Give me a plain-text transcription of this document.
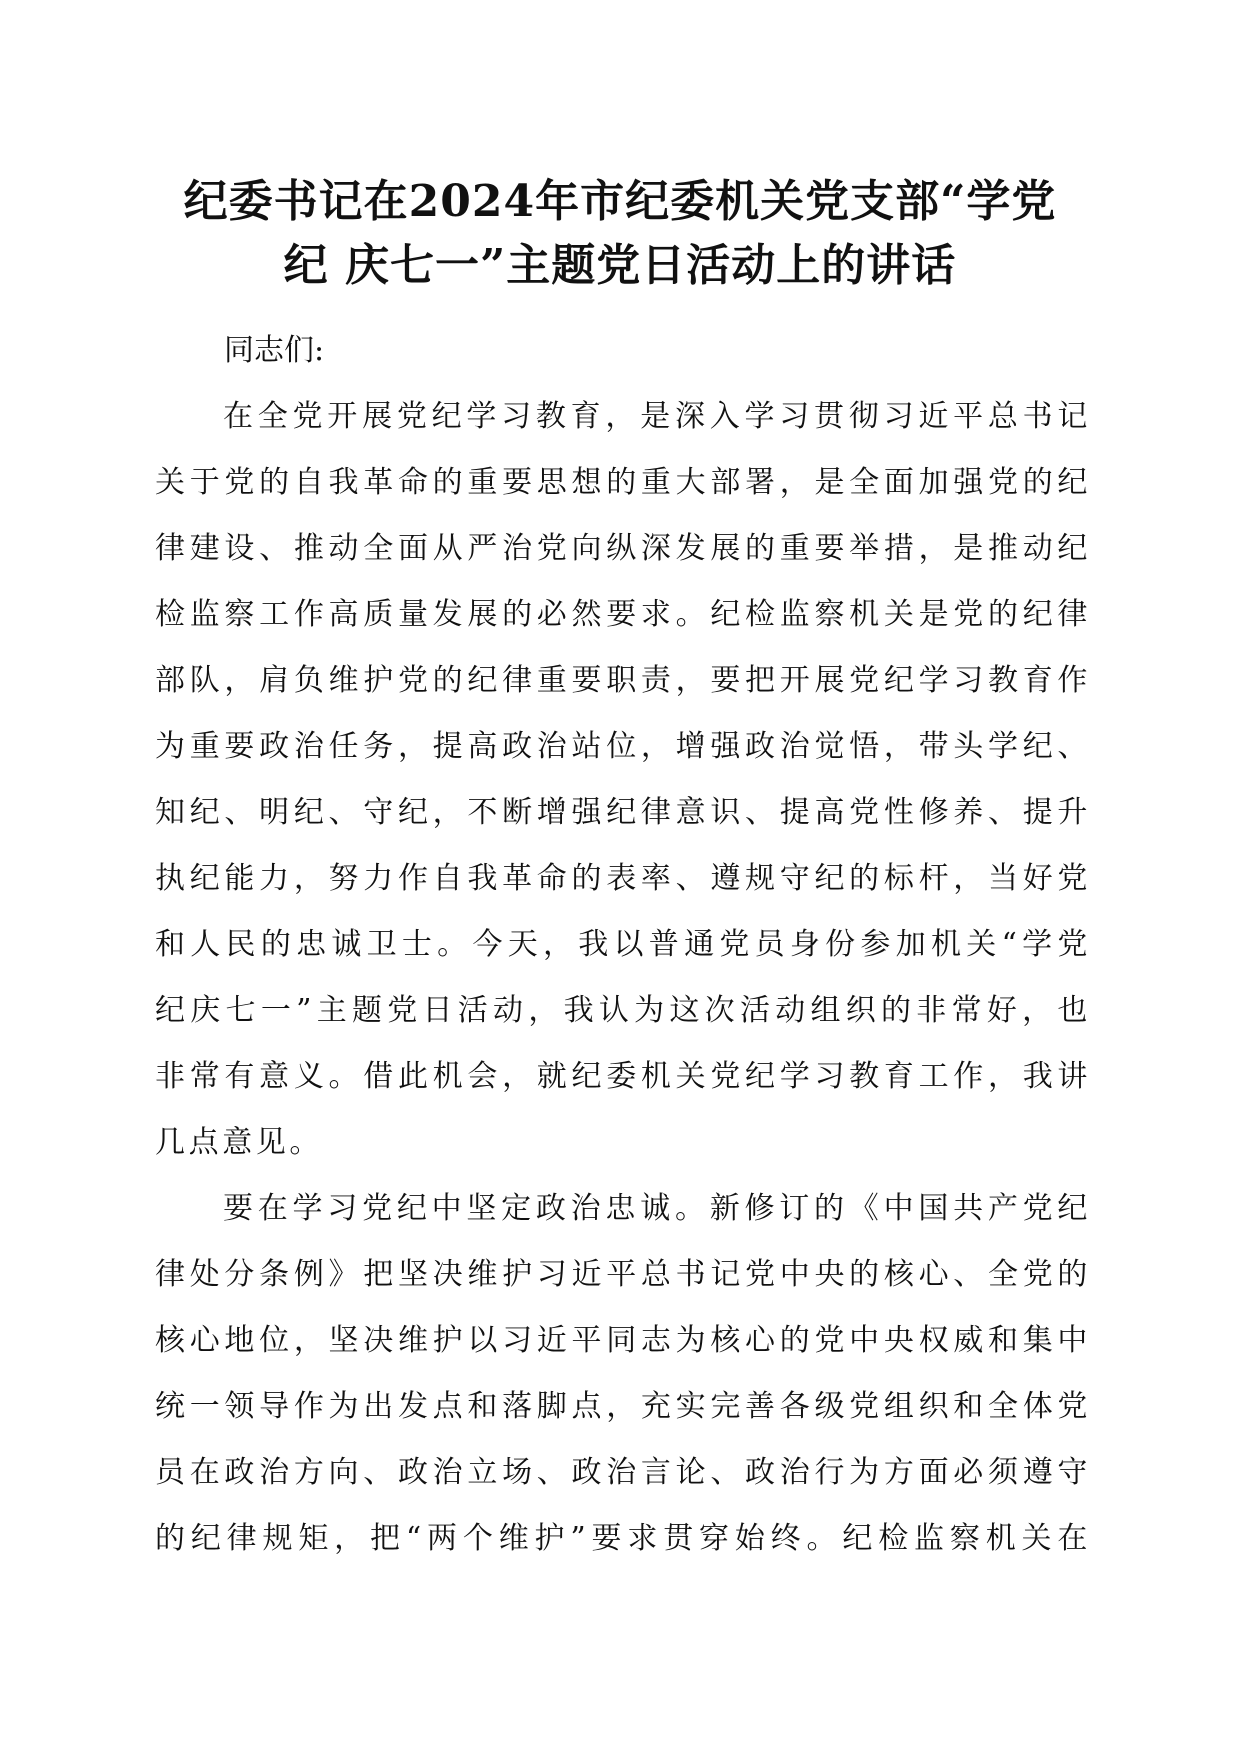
纪委书记在2024年市纪委机关党支部“学党
纪 庆七一”主题党日活动上的讲话

同志们:

在全党开展党纪学习教育，是深入学习贯彻习近平总书记
关于党的自我革命的重要思想的重大部署，是全面加强党的纪
律建设、推动全面从严治党向纵深发展的重要举措，是推动纪
检监察工作高质量发展的必然要求。纪检监察机关是党的纪律
部队，肩负维护党的纪律重要职责，要把开展党纪学习教育作
为重要政治任务，提高政治站位，增强政治觉悟，带头学纪、
知纪、明纪、守纪，不断增强纪律意识、提高党性修养、提升
执纪能力，努力作自我革命的表率、遵规守纪的标杆，当好党
和人民的忠诚卫士。今天，我以普通党员身份参加机关“学党
纪庆七一”主题党日活动，我认为这次活动组织的非常好，也
非常有意义。借此机会，就纪委机关党纪学习教育工作，我讲
几点意见。
要在学习党纪中坚定政治忠诚。新修订的《中国共产党纪
律处分条例》把坚决维护习近平总书记党中央的核心、全党的
核心地位，坚决维护以习近平同志为核心的党中央权威和集中
统一领导作为出发点和落脚点，充实完善各级党组织和全体党
员在政治方向、政治立场、政治言论、政治行为方面必须遵守
的纪律规矩，把“两个维护”要求贯穿始终。纪检监察机关在
